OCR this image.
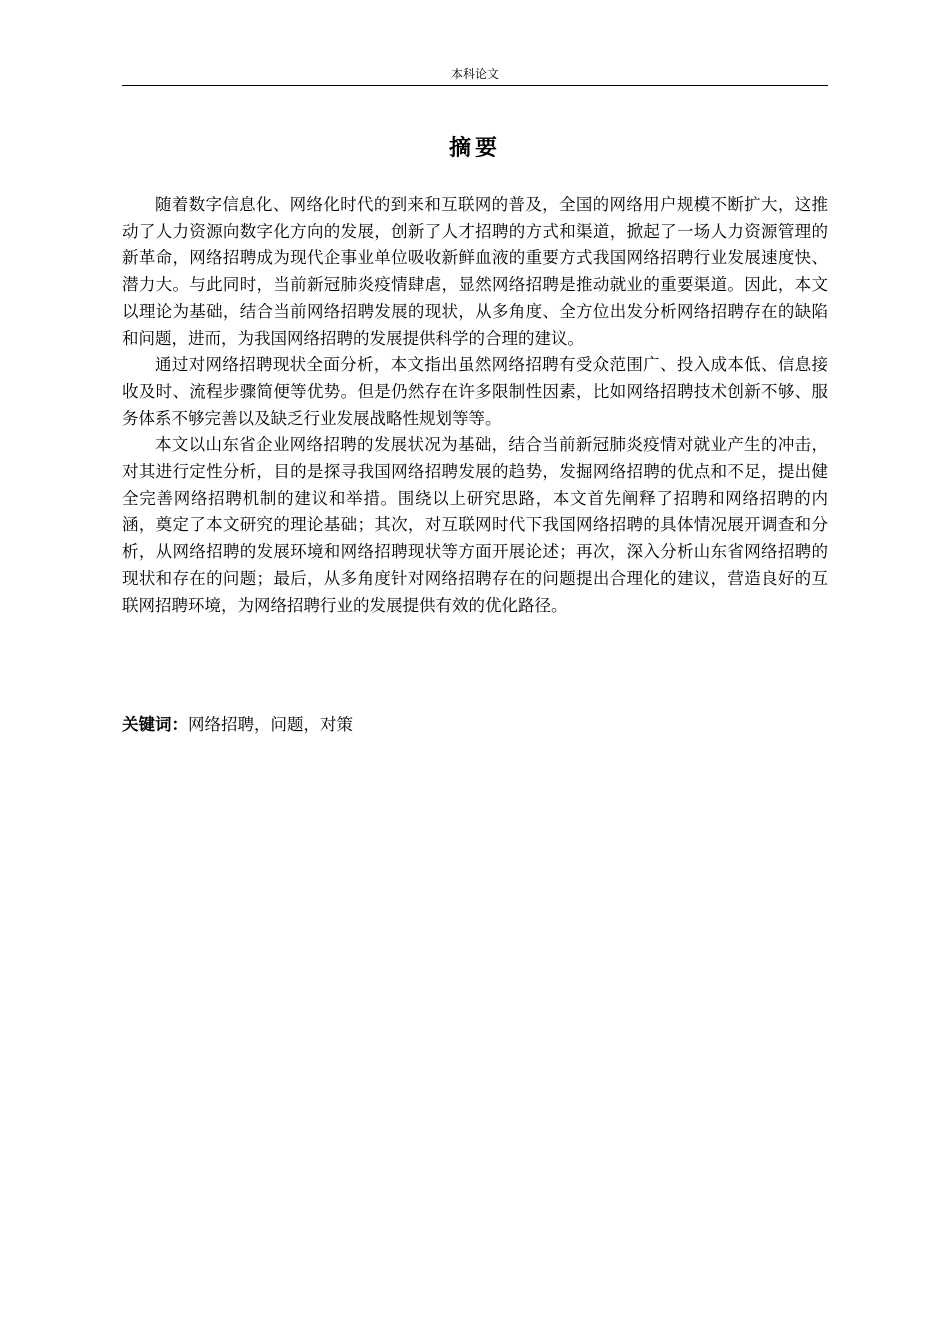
本科论文
摘要

随着数字信息化、网络化时代的到来和互联网的普及，全国的网络用户规模不断扩大，这推动了人力资源向数字化方向的发展，创新了人才招聘的方式和渠道，掀起了一场人力资源管理的新革命，网络招聘成为现代企事业单位吸收新鲜血液的重要方式我国网络招聘行业发展速度快、潜力大。与此同时，当前新冠肺炎疫情肆虐，显然网络招聘是推动就业的重要渠道。因此，本文以理论为基础，结合当前网络招聘发展的现状，从多角度、全方位出发分析网络招聘存在的缺陷和问题，进而，为我国网络招聘的发展提供科学的合理的建议。

通过对网络招聘现状全面分析，本文指出虽然网络招聘有受众范围广、投入成本低、信息接收及时、流程步骤简便等优势。但是仍然存在许多限制性因素，比如网络招聘技术创新不够、服务体系不够完善以及缺乏行业发展战略性规划等等。

本文以山东省企业网络招聘的发展状况为基础，结合当前新冠肺炎疫情对就业产生的冲击，对其进行定性分析，目的是探寻我国网络招聘发展的趋势，发掘网络招聘的优点和不足，提出健全完善网络招聘机制的建议和举措。围绕以上研究思路，本文首先阐释了招聘和网络招聘的内涵，奠定了本文研究的理论基础；其次，对互联网时代下我国网络招聘的具体情况展开调查和分析，从网络招聘的发展环境和网络招聘现状等方面开展论述；再次，深入分析山东省网络招聘的现状和存在的问题；最后，从多角度针对网络招聘存在的问题提出合理化的建议，营造良好的互联网招聘环境，为网络招聘行业的发展提供有效的优化路径。

关键词：网络招聘，问题，对策
